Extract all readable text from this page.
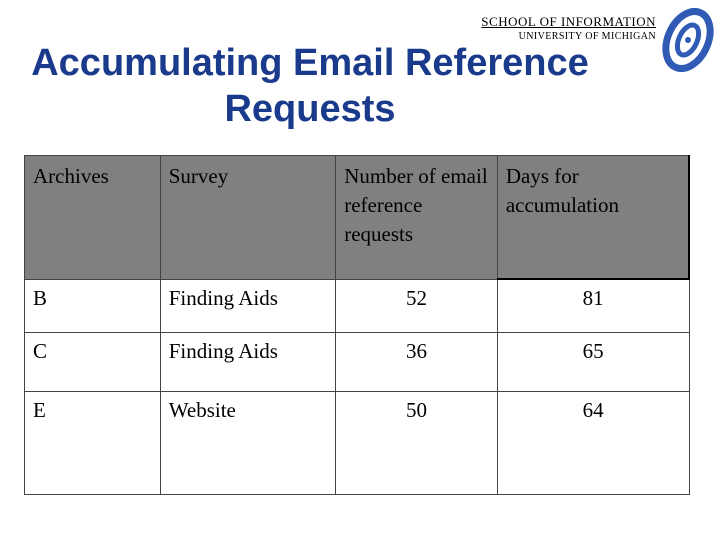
SCHOOL OF INFORMATION
UNIVERSITY OF MICHIGAN
Accumulating Email Reference
Requests
Archives	Survey	Number of email reference requests	Days for accumulation
B	Finding Aids	52	81
C	Finding Aids	36	65
E	Website	50	64
